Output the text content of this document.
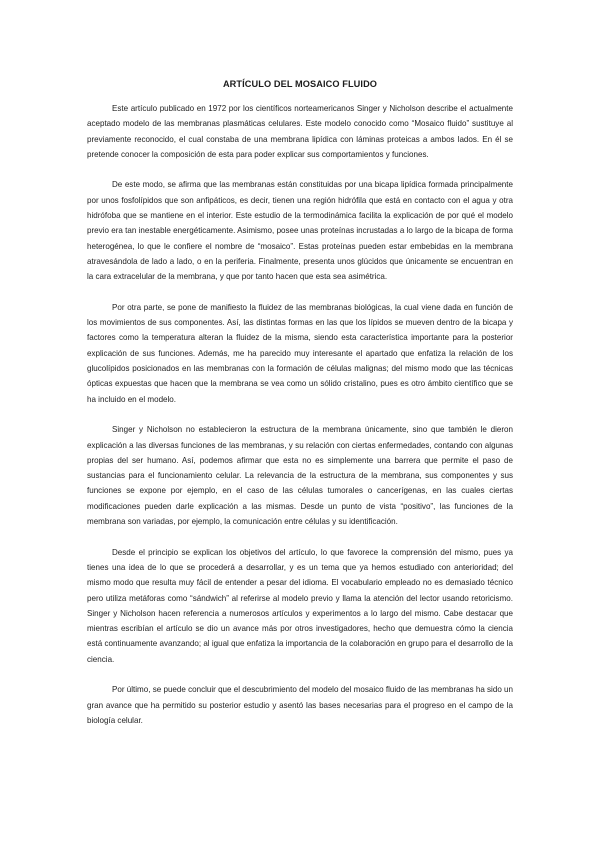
ARTÍCULO DEL MOSAICO FLUIDO

Este artículo publicado en 1972 por los científicos norteamericanos Singer y Nicholson describe el actualmente aceptado modelo de las membranas plasmáticas celulares. Este modelo conocido como “Mosaico fluido” sustituye al previamente reconocido, el cual constaba de una membrana lipídica con láminas proteicas a ambos lados. En él se pretende conocer la composición de esta para poder explicar sus comportamientos y funciones.

De este modo, se afirma que las membranas están constituidas por una bicapa lipídica formada principalmente por unos fosfolípidos que son anfipáticos, es decir, tienen una región hidrófila que está en contacto con el agua y otra hidrófoba que se mantiene en el interior. Este estudio de la termodinámica facilita la explicación de por qué el modelo previo era tan inestable energéticamente. Asimismo, posee unas proteínas incrustadas a lo largo de la bicapa de forma heterogénea, lo que le confiere el nombre de “mosaico”. Estas proteínas pueden estar embebidas en la membrana atravesándola de lado a lado, o en la periferia. Finalmente, presenta unos glúcidos que únicamente se encuentran en la cara extracelular de la membrana, y que por tanto hacen que esta sea asimétrica.

Por otra parte, se pone de manifiesto la fluidez de las membranas biológicas, la cual viene dada en función de los movimientos de sus componentes. Así, las distintas formas en las que los lípidos se mueven dentro de la bicapa y factores como la temperatura alteran la fluidez de la misma, siendo esta característica importante para la posterior explicación de sus funciones. Además, me ha parecido muy interesante el apartado que enfatiza la relación de los glucolípidos posicionados en las membranas con la formación de células malignas; del mismo modo que las técnicas ópticas expuestas que hacen que la membrana se vea como un sólido cristalino, pues es otro ámbito científico que se ha incluido en el modelo.

Singer y Nicholson no establecieron la estructura de la membrana únicamente, sino que también le dieron explicación a las diversas funciones de las membranas, y su relación con ciertas enfermedades, contando con algunas propias del ser humano. Así, podemos afirmar que esta no es simplemente una barrera que permite el paso de sustancias para el funcionamiento celular. La relevancia de la estructura de la membrana, sus componentes y sus funciones se expone por ejemplo, en el caso de las células tumorales o cancerígenas, en las cuales ciertas modificaciones pueden darle explicación a las mismas. Desde un punto de vista “positivo”, las funciones de la membrana son variadas, por ejemplo, la comunicación entre células y su identificación.

Desde el principio se explican los objetivos del artículo, lo que favorece la comprensión del mismo, pues ya tienes una idea de lo que se procederá a desarrollar, y es un tema que ya hemos estudiado con anterioridad; del mismo modo que resulta muy fácil de entender a pesar del idioma. El vocabulario empleado no es demasiado técnico pero utiliza metáforas como “sándwich” al referirse al modelo previo y llama la atención del lector usando retoricismo. Singer y Nicholson hacen referencia a numerosos artículos y experimentos a lo largo del mismo. Cabe destacar que mientras escribían el artículo se dio un avance más por otros investigadores, hecho que demuestra cómo la ciencia está continuamente avanzando; al igual que enfatiza la importancia de la colaboración en grupo para el desarrollo de la ciencia.

Por último, se puede concluir que el descubrimiento del modelo del mosaico fluido de las membranas ha sido un gran avance que ha permitido su posterior estudio y asentó las bases necesarias para el progreso en el campo de la biología celular.
